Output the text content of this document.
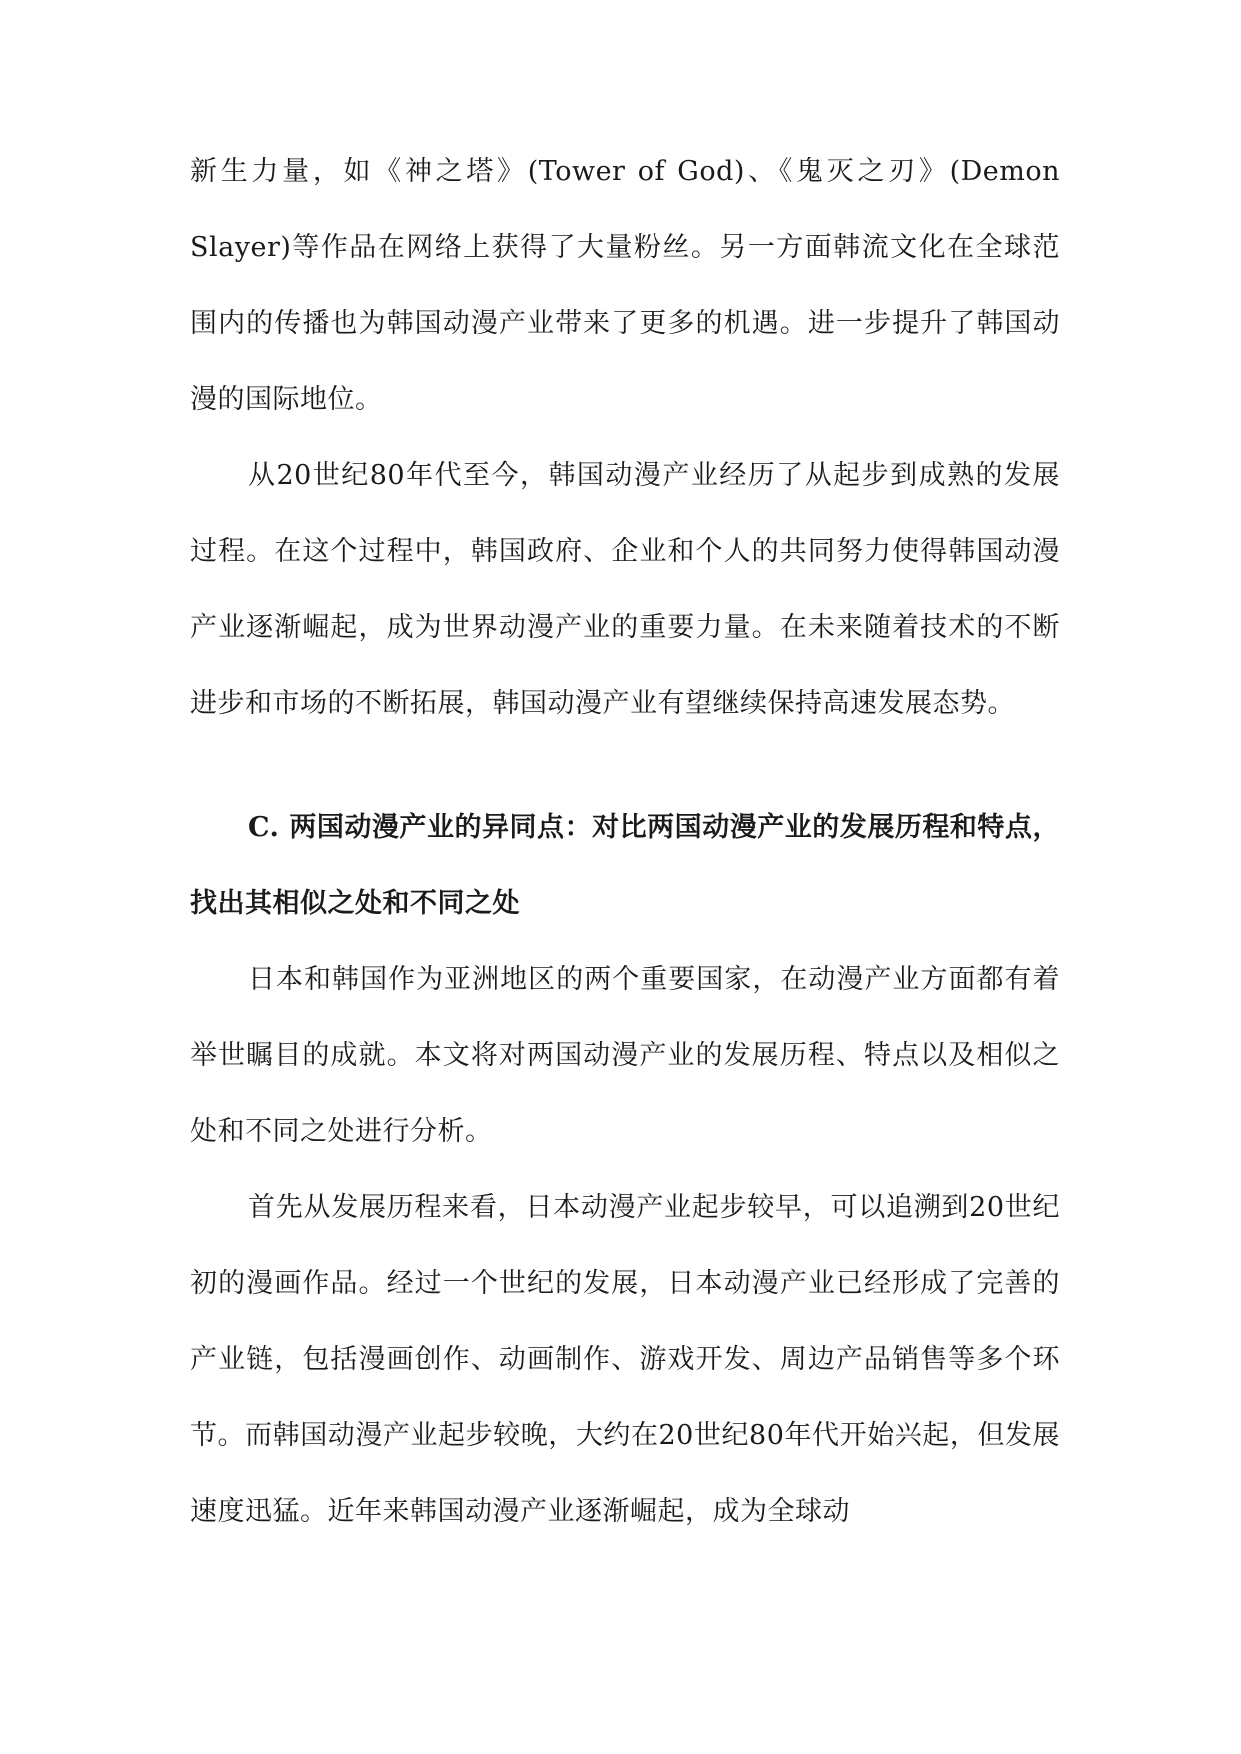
新生力量，如《神之塔》(Tower of God)、《鬼灭之刃》(Demon Slayer)等作品在网络上获得了大量粉丝。另一方面韩流文化在全球范围内的传播也为韩国动漫产业带来了更多的机遇。进一步提升了韩国动漫的国际地位。

从20世纪80年代至今，韩国动漫产业经历了从起步到成熟的发展过程。在这个过程中，韩国政府、企业和个人的共同努力使得韩国动漫产业逐渐崛起，成为世界动漫产业的重要力量。在未来随着技术的不断进步和市场的不断拓展，韩国动漫产业有望继续保持高速发展态势。

C. 两国动漫产业的异同点：对比两国动漫产业的发展历程和特点，找出其相似之处和不同之处

日本和韩国作为亚洲地区的两个重要国家，在动漫产业方面都有着举世瞩目的成就。本文将对两国动漫产业的发展历程、特点以及相似之处和不同之处进行分析。

首先从发展历程来看，日本动漫产业起步较早，可以追溯到20世纪初的漫画作品。经过一个世纪的发展，日本动漫产业已经形成了完善的产业链，包括漫画创作、动画制作、游戏开发、周边产品销售等多个环节。而韩国动漫产业起步较晚，大约在20世纪80年代开始兴起，但发展速度迅猛。近年来韩国动漫产业逐渐崛起，成为全球动
